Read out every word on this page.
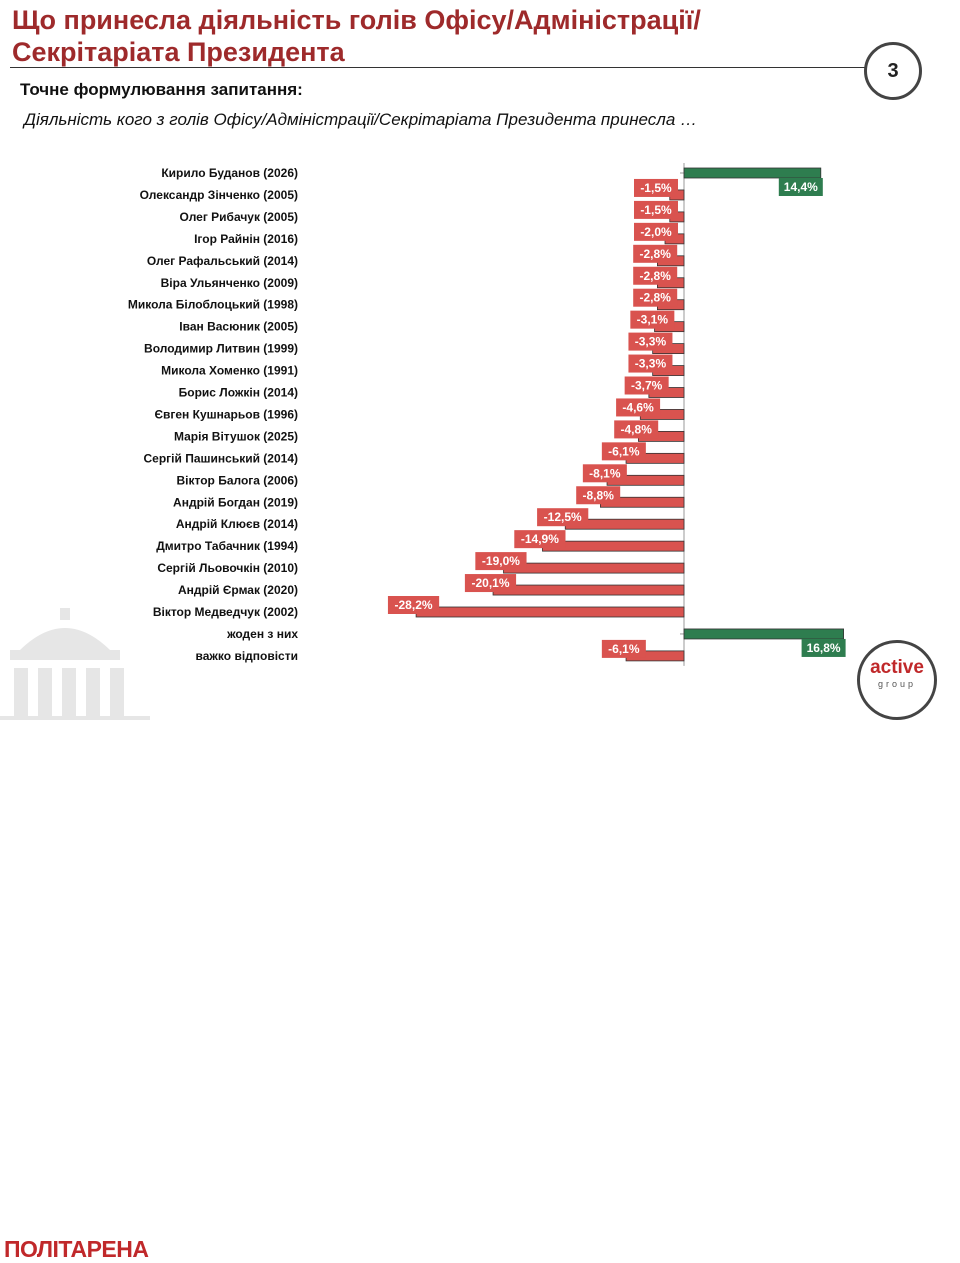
Що принесла діяльність голів Офісу/Адміністрації/Секрітаріата Президента
3
Точне формулювання запитання:
Діяльність кого з голів Офісу/Адміністрації/Секрітаріата Президента принесла …
Кирило Буданов (2026)
Олександр Зінченко (2005)
Олег Рибачук (2005)
Ігор Райнін (2016)
Олег Рафальський (2014)
Віра Ульянченко (2009)
Микола Білоблоцький (1998)
Іван Васюник (2005)
Володимир Литвин (1999)
Микола Хоменко (1991)
Борис Ложкін (2014)
Євген Кушнарьов (1996)
Марія Вітушок (2025)
Сергій Пашинський (2014)
Віктор Балога (2006)
Андрій Богдан (2019)
Андрій Клюєв (2014)
Дмитро Табачник (1994)
Сергій Льовочкін (2010)
Андрій Єрмак (2020)
Віктор Медведчук (2002)
жоден з них
важко відповісти
14,4%
16,8%
-1,5%
-1,5%
-2,0%
-2,8%
-2,8%
-2,8%
-3,1%
-3,3%
-3,3%
-3,7%
-4,6%
-4,8%
-6,1%
-8,1%
-8,8%
-12,5%
-14,9%
-19,0%
-20,1%
-28,2%
-6,1%
ПОЛІТАРЕНА
active
group
